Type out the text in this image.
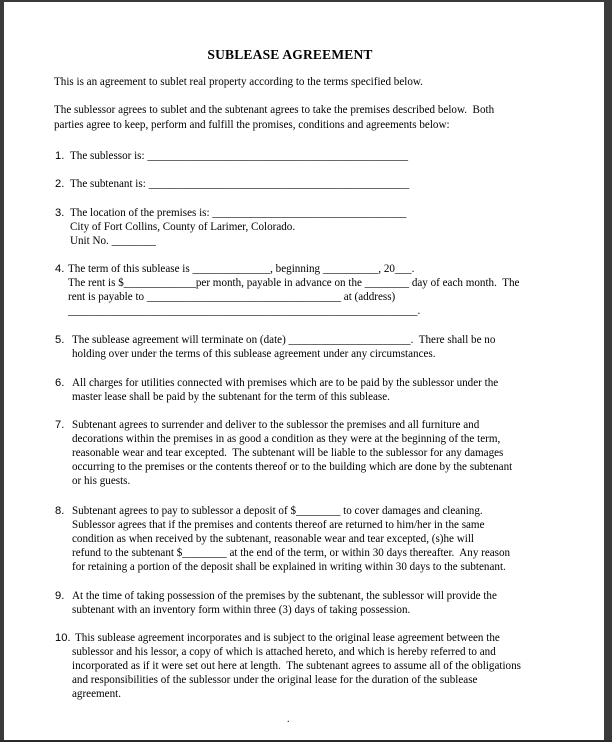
SUBLEASE AGREEMENT
This is an agreement to sublet real property according to the terms specified below.
The sublessor agrees to sublet and the subtenant agrees to take the premises described below.  Both
parties agree to keep, perform and fulfill the promises, conditions and agreements below:
1. The sublessor is: _______________________________________________
2. The subtenant is: _______________________________________________
3. The location of the premises is: ___________________________________
City of Fort Collins, County of Larimer, Colorado.
Unit No. ________
4. The term of this sublease is ______________, beginning __________, 20___.
The rent is $_____________per month, payable in advance on the ________ day of each month.  The
rent is payable to ___________________________________ at (address)
_______________________________________________________________.
5. The sublease agreement will terminate on (date) ______________________.  There shall be no
holding over under the terms of this sublease agreement under any circumstances.
6. All charges for utilities connected with premises which are to be paid by the sublessor under the
master lease shall be paid by the subtenant for the term of this sublease.
7. Subtenant agrees to surrender and deliver to the sublessor the premises and all furniture and
decorations within the premises in as good a condition as they were at the beginning of the term,
reasonable wear and tear excepted.  The subtenant will be liable to the sublessor for any damages
occurring to the premises or the contents thereof or to the building which are done by the subtenant
or his guests.
8. Subtenant agrees to pay to sublessor a deposit of $________ to cover damages and cleaning.
Sublessor agrees that if the premises and contents thereof are returned to him/her in the same
condition as when received by the subtenant, reasonable wear and tear excepted, (s)he will
refund to the subtenant $________ at the end of the term, or within 30 days thereafter.  Any reason
for retaining a portion of the deposit shall be explained in writing within 30 days to the subtenant.
9. At the time of taking possession of the premises by the subtenant, the sublessor will provide the
subtenant with an inventory form within three (3) days of taking possession.
10. This sublease agreement incorporates and is subject to the original lease agreement between the
sublessor and his lessor, a copy of which is attached hereto, and which is hereby referred to and
incorporated as if it were set out here at length.  The subtenant agrees to assume all of the obligations
and responsibilities of the sublessor under the original lease for the duration of the sublease
agreement.
.
